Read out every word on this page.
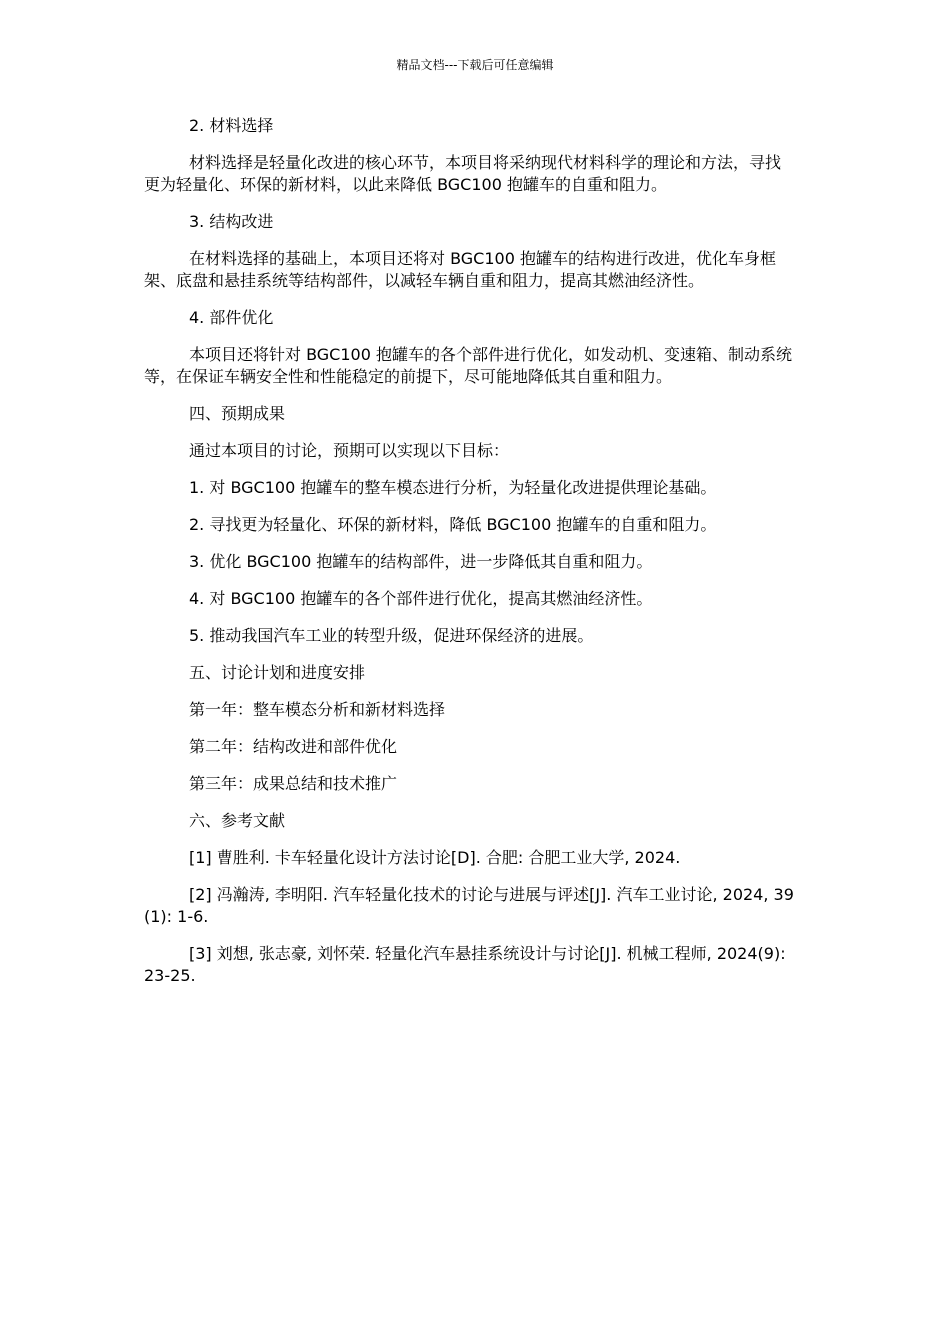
精品文档---下载后可任意编辑

2. 材料选择

材料选择是轻量化改进的核心环节，本项目将采纳现代材料科学的理论和方法，寻找更为轻量化、环保的新材料，以此来降低 BGC100 抱罐车的自重和阻力。

3. 结构改进

在材料选择的基础上，本项目还将对 BGC100 抱罐车的结构进行改进，优化车身框架、底盘和悬挂系统等结构部件，以减轻车辆自重和阻力，提高其燃油经济性。

4. 部件优化

本项目还将针对 BGC100 抱罐车的各个部件进行优化，如发动机、变速箱、制动系统等，在保证车辆安全性和性能稳定的前提下，尽可能地降低其自重和阻力。

四、预期成果

通过本项目的讨论，预期可以实现以下目标：

1. 对 BGC100 抱罐车的整车模态进行分析，为轻量化改进提供理论基础。

2. 寻找更为轻量化、环保的新材料，降低 BGC100 抱罐车的自重和阻力。

3. 优化 BGC100 抱罐车的结构部件，进一步降低其自重和阻力。

4. 对 BGC100 抱罐车的各个部件进行优化，提高其燃油经济性。

5. 推动我国汽车工业的转型升级，促进环保经济的进展。

五、讨论计划和进度安排

第一年：整车模态分析和新材料选择

第二年：结构改进和部件优化

第三年：成果总结和技术推广

六、参考文献

[1] 曹胜利. 卡车轻量化设计方法讨论[D]. 合肥: 合肥工业大学, 2024.

[2] 冯瀚涛, 李明阳. 汽车轻量化技术的讨论与进展与评述[J]. 汽车工业讨论, 2024, 39(1): 1-6.

[3] 刘想, 张志豪, 刘怀荣. 轻量化汽车悬挂系统设计与讨论[J]. 机械工程师, 2024(9): 23-25.
